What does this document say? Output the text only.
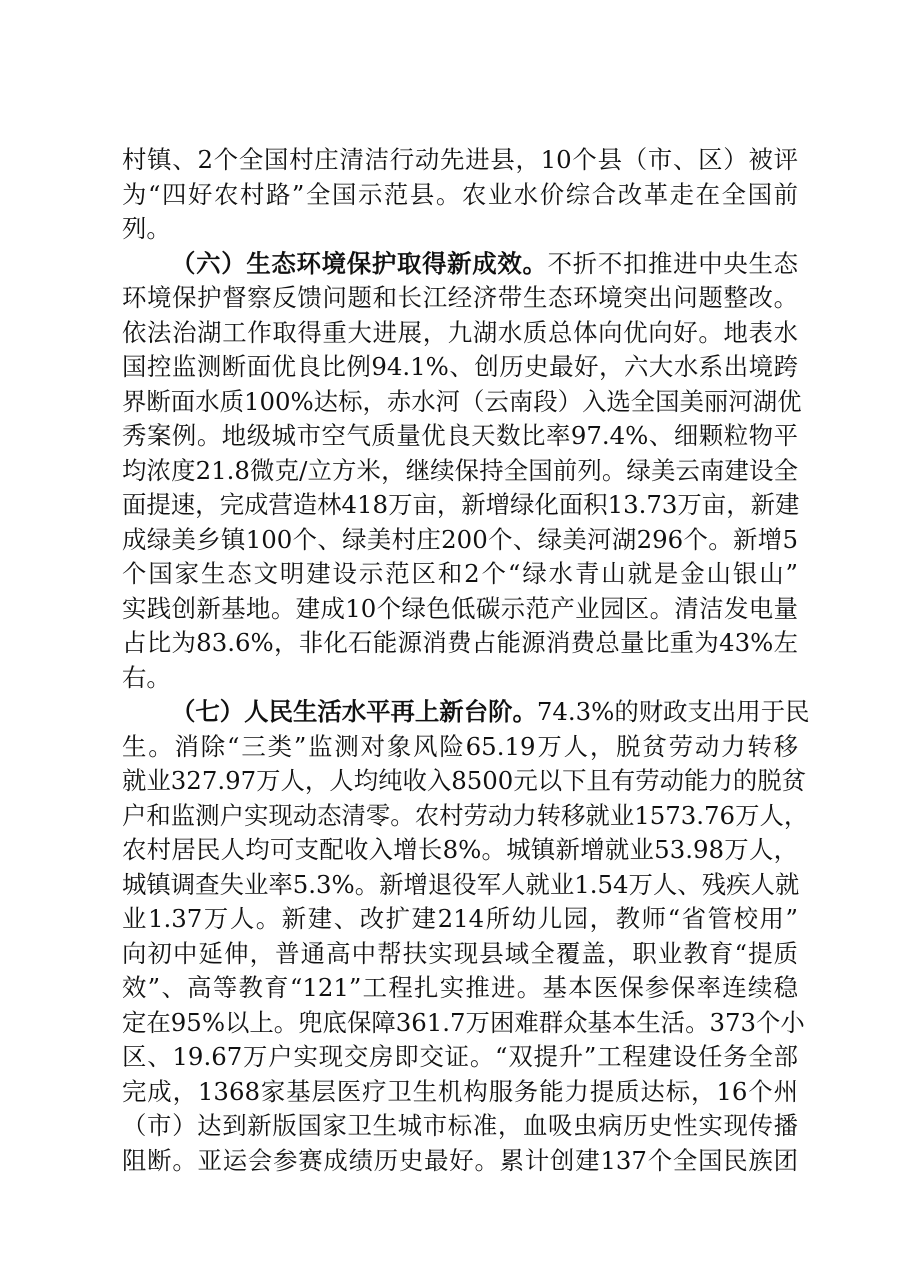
村镇、2个全国村庄清洁行动先进县，10个县（市、区）被评
为“四好农村路”全国示范县。农业水价综合改革走在全国前
列。
（六）生态环境保护取得新成效。不折不扣推进中央生态
环境保护督察反馈问题和长江经济带生态环境突出问题整改。
依法治湖工作取得重大进展，九湖水质总体向优向好。地表水
国控监测断面优良比例94.1%、创历史最好，六大水系出境跨
界断面水质100%达标，赤水河（云南段）入选全国美丽河湖优
秀案例。地级城市空气质量优良天数比率97.4%、细颗粒物平
均浓度21.8微克/立方米，继续保持全国前列。绿美云南建设全
面提速，完成营造林418万亩，新增绿化面积13.73万亩，新建
成绿美乡镇100个、绿美村庄200个、绿美河湖296个。新增5
个国家生态文明建设示范区和2个“绿水青山就是金山银山”
实践创新基地。建成10个绿色低碳示范产业园区。清洁发电量
占比为83.6%，非化石能源消费占能源消费总量比重为43%左
右。
（七）人民生活水平再上新台阶。74.3%的财政支出用于民
生。消除“三类”监测对象风险65.19万人，脱贫劳动力转移
就业327.97万人，人均纯收入8500元以下且有劳动能力的脱贫
户和监测户实现动态清零。农村劳动力转移就业1573.76万人，
农村居民人均可支配收入增长8%。城镇新增就业53.98万人，
城镇调查失业率5.3%。新增退役军人就业1.54万人、残疾人就
业1.37万人。新建、改扩建214所幼儿园，教师“省管校用”
向初中延伸，普通高中帮扶实现县域全覆盖，职业教育“提质
效”、高等教育“121”工程扎实推进。基本医保参保率连续稳
定在95%以上。兜底保障361.7万困难群众基本生活。373个小
区、19.67万户实现交房即交证。“双提升”工程建设任务全部
完成，1368家基层医疗卫生机构服务能力提质达标，16个州
（市）达到新版国家卫生城市标准，血吸虫病历史性实现传播
阻断。亚运会参赛成绩历史最好。累计创建137个全国民族团
